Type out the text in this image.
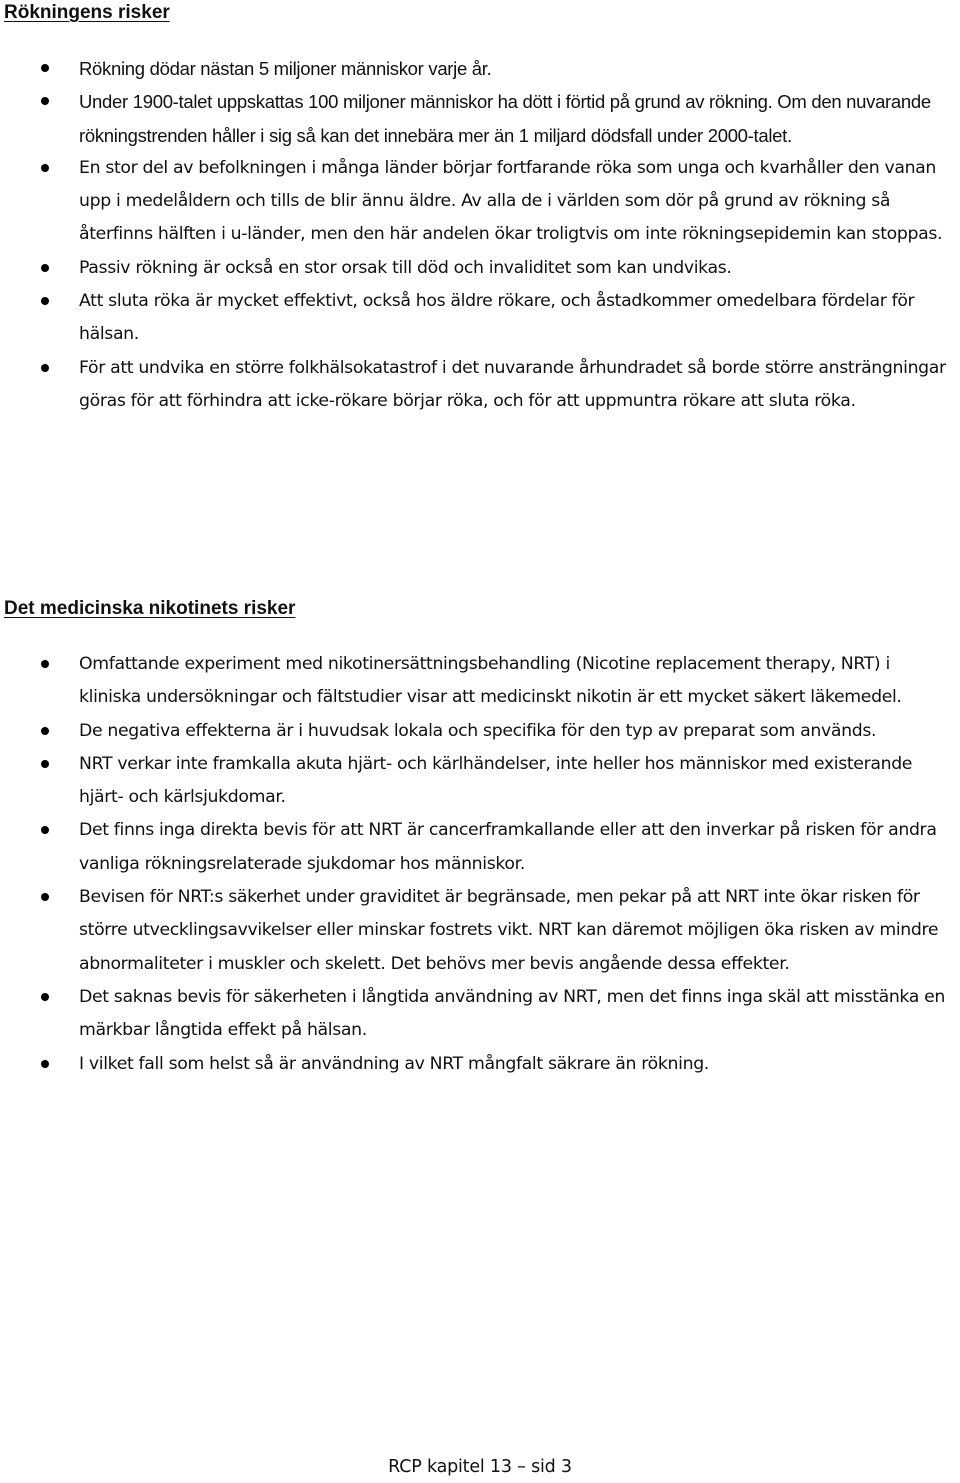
Rökningens risker
Rökning dödar nästan 5 miljoner människor varje år.
Under 1900-talet uppskattas 100 miljoner människor ha dött i förtid på grund av rökning. Om den nuvarande rökningstrenden håller i sig så kan det innebära mer än 1 miljard dödsfall under 2000-talet.
En stor del av befolkningen i många länder börjar fortfarande röka som unga och kvarhåller den vanan upp i medelåldern och tills de blir ännu äldre. Av alla de i världen som dör på grund av rökning så återfinns hälften i u-länder, men den här andelen ökar troligtvis om inte rökningsepidemin kan stoppas.
Passiv rökning är också en stor orsak till död och invaliditet som kan undvikas.
Att sluta röka är mycket effektivt, också hos äldre rökare, och åstadkommer omedelbara fördelar för hälsan.
För att undvika en större folkhälsokatastrof i det nuvarande århundradet så borde större ansträngningar göras för att förhindra att icke-rökare börjar röka, och för att uppmuntra rökare att sluta röka.
Det medicinska nikotinets risker
Omfattande experiment med nikotinersättningsbehandling (Nicotine replacement therapy, NRT) i kliniska undersökningar och fältstudier visar att medicinskt nikotin är ett mycket säkert läkemedel.
De negativa effekterna är i huvudsak lokala och specifika för den typ av preparat som används.
NRT verkar inte framkalla akuta hjärt- och kärlhändelser, inte heller hos människor med existerande hjärt- och kärlsjukdomar.
Det finns inga direkta bevis för att NRT är cancerframkallande eller att den inverkar på risken för andra vanliga rökningsrelaterade sjukdomar hos människor.
Bevisen för NRT:s säkerhet under graviditet är begränsade, men pekar på att NRT inte ökar risken för större utvecklingsavvikelser eller minskar fostrets vikt. NRT kan däremot möjligen öka risken av mindre abnormaliteter i muskler och skelett. Det behövs mer bevis angående dessa effekter.
Det saknas bevis för säkerheten i långtida användning av NRT, men det finns inga skäl att misstänka en märkbar långtida effekt på hälsan.
I vilket fall som helst så är användning av NRT mångfalt säkrare än rökning.
RCP kapitel 13 – sid 3
